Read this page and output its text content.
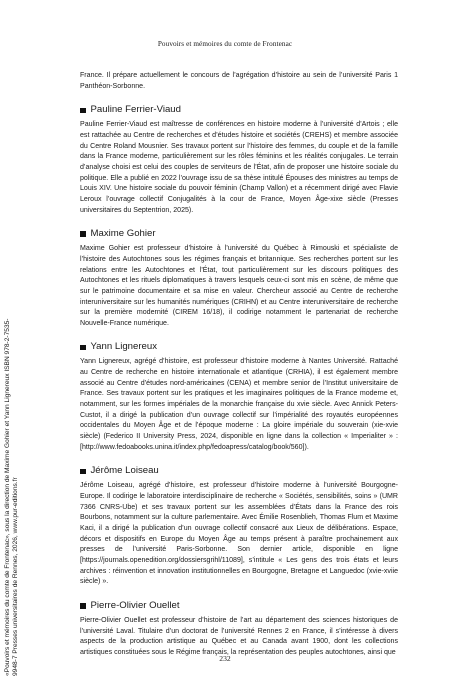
Pouvoirs et mémoires du comte de Frontenac

France. Il prépare actuellement le concours de l’agrégation d’histoire au sein de l’université Paris 1 Panthéon-Sorbonne.

Pauline Ferrier-Viaud

Pauline Ferrier-Viaud est maîtresse de conférences en histoire moderne à l’université d’Artois ; elle est rattachée au Centre de recherches et d’études histoire et sociétés (CREHS) et membre associée du Centre Roland Mousnier. Ses travaux portent sur l’histoire des femmes, du couple et de la famille dans la France moderne, particulièrement sur les rôles féminins et les réalités conjugales. Le terrain d’analyse choisi est celui des couples de serviteurs de l’État, afin de proposer une histoire sociale du politique. Elle a publié en 2022 l’ouvrage issu de sa thèse intitulé Épouses des ministres au temps de Louis XIV. Une histoire sociale du pouvoir féminin (Champ Vallon) et a récemment dirigé avec Flavie Leroux l’ouvrage collectif Conjugalités à la cour de France, Moyen Âge-xixe siècle (Presses universitaires du Septentrion, 2025).

Maxime Gohier

Maxime Gohier est professeur d’histoire à l’université du Québec à Rimouski et spécialiste de l’histoire des Autochtones sous les régimes français et britannique. Ses recherches portent sur les relations entre les Autochtones et l’État, tout particulièrement sur les discours politiques des Autochtones et les rituels diplomatiques à travers lesquels ceux-ci sont mis en scène, de même que sur le patrimoine documentaire et sa mise en valeur. Chercheur associé au Centre de recherche interuniversitaire sur les humanités numériques (CRIHN) et au Centre interuniversitaire de recherche sur la première modernité (CIREM 16/18), il codirige notamment le partenariat de recherche Nouvelle-France numérique.

Yann Lignereux

Yann Lignereux, agrégé d’histoire, est professeur d’histoire moderne à Nantes Université. Rattaché au Centre de recherche en histoire internationale et atlantique (CRHIA), il est également membre associé au Centre d’études nord-américaines (CENA) et membre senior de l’Institut universitaire de France. Ses travaux portent sur les pratiques et les imaginaires politiques de la France moderne et, notamment, sur les formes impériales de la monarchie française du xvie siècle. Avec Annick Peters-Custot, il a dirigé la publication d’un ouvrage collectif sur l’impérialité des royautés européennes occidentales du Moyen Âge et de l’époque moderne : La gloire impériale du souverain (xie-xvie siècle) (Federico II University Press, 2024, disponible en ligne dans la collection « Imperialiter » : [http://www.fedoabooks.unina.it/index.php/fedoapress/catalog/book/560]).

Jérôme Loiseau

Jérôme Loiseau, agrégé d’histoire, est professeur d’histoire moderne à l’université Bourgogne-Europe. Il codirige le laboratoire interdisciplinaire de recherche « Sociétés, sensibilités, soins » (UMR 7366 CNRS-Ube) et ses travaux portent sur les assemblées d’États dans la France des rois Bourbons, notamment sur la culture parlementaire. Avec Émilie Rosenblieh, Thomas Flum et Maxime Kaci, il a dirigé la publication d’un ouvrage collectif consacré aux Lieux de délibérations. Espace, décors et dispositifs en Europe du Moyen Âge au temps présent à paraître prochainement aux presses de l’université Paris-Sorbonne. Son dernier article, disponible en ligne [https://journals.openedition.org/dossiersgrihl/11089], s’intitule « Les gens des trois états et leurs archives : réinvention et innovation institutionnelles en Bourgogne, Bretagne et Languedoc (xvie-xviie siècle) ».

Pierre-Olivier Ouellet

Pierre-Olivier Ouellet est professeur d’histoire de l’art au département des sciences historiques de l’université Laval. Titulaire d’un doctorat de l’université Rennes 2 en France, il s’intéresse à divers aspects de la production artistique au Québec et au Canada avant 1900, dont les collections artistiques constituées sous le Régime français, la représentation des peuples autochtones, ainsi que

«Pouvoirs et mémoires du comte de Frontenac», sous la direction de Maxime Gohier et Yann Lignereux ISBN 978-2-7535-9948-7 Presses universitaires de Rennes, 2026, www.pur-editions.fr	232
